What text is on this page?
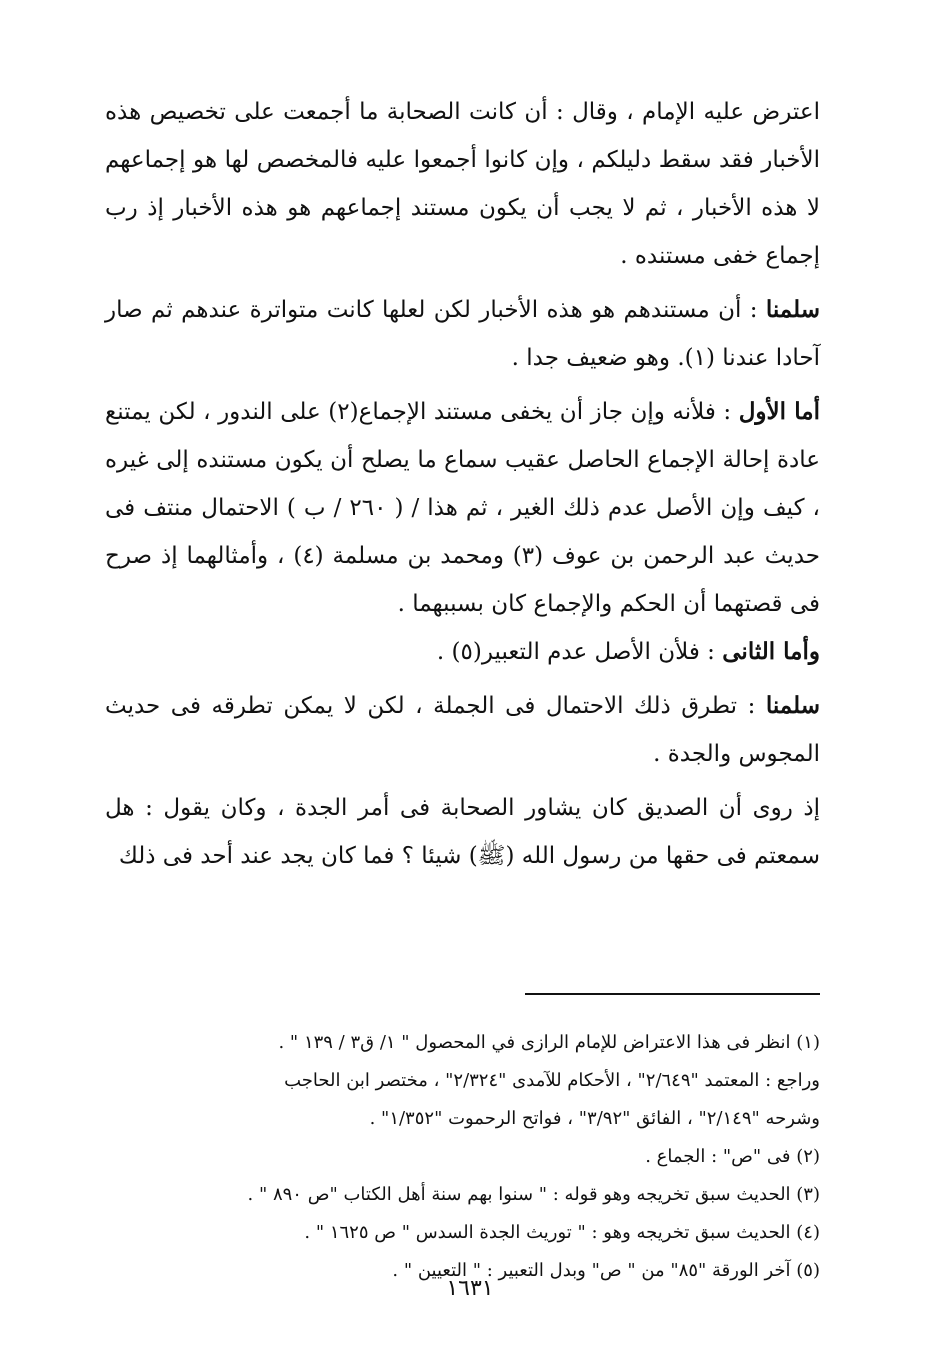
اعترض عليه الإمام ، وقال : أن كانت الصحابة ما أجمعت على تخصيص هذه الأخبار فقد سقط دليلكم ، وإن كانوا أجمعوا عليه فالمخصص لها هو إجماعهم لا هذه الأخبار ، ثم لا يجب أن يكون مستند إجماعهم هو هذه الأخبار إذ رب إجماع خفى مستنده .

سلمنا : أن مستندهم هو هذه الأخبار لكن لعلها كانت متواترة عندهم ثم صار آحادا عندنا (١). وهو ضعيف جدا .

أما الأول : فلأنه وإن جاز أن يخفى مستند الإجماع(٢) على الندور ، لكن يمتنع عادة إحالة الإجماع الحاصل عقيب سماع ما يصلح أن يكون مستنده إلى غيره ، كيف وإن الأصل عدم ذلك الغير ، ثم هذا / ( ٢٦٠ / ب ) الاحتمال منتف فى حديث عبد الرحمن بن عوف (٣) ومحمد بن مسلمة (٤) ، وأمثالهما إذ صرح فى قصتهما أن الحكم والإجماع كان بسببهما .

وأما الثانى : فلأن الأصل عدم التعبير(٥) .

سلمنا : تطرق ذلك الاحتمال فى الجملة ، لكن لا يمكن تطرقه فى حديث المجوس والجدة .

إذ روى أن الصديق كان يشاور الصحابة فى أمر الجدة ، وكان يقول : هل سمعتم فى حقها من رسول الله (ﷺ) شيئا ؟ فما كان يجد عند أحد فى ذلك

(١) انظر فى هذا الاعتراض للإمام الرازى في المحصول " ١/ ق٣ / ١٣٩ " .

وراجع : المعتمد "٢/٦٤٩" ، الأحكام للآمدى "٢/٣٢٤" ، مختصر ابن الحاجب

وشرحه "٢/١٤٩" ، الفائق "٣/٩٢" ، فواتح الرحموت "١/٣٥٢" .

(٢) فى "ص" : الجماع .

(٣) الحديث سبق تخريجه وهو قوله : " سنوا بهم سنة أهل الكتاب "ص ٨٩٠ " .

(٤) الحديث سبق تخريجه وهو : " توريث الجدة السدس " ص ١٦٢٥ " .

(٥) آخر الورقة "٨٥" من " ص" وبدل التعبير : " التعيين " .

١٦٣١
